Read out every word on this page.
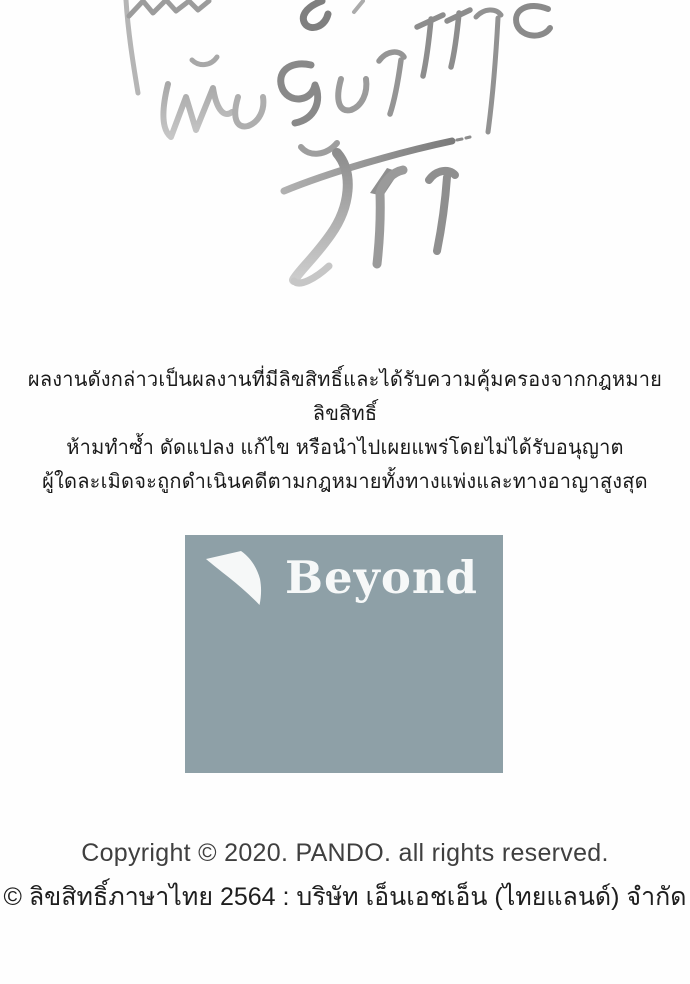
ผลงานดังกล่าวเป็นผลงานที่มีลิขสิทธิ์และได้รับความคุ้มครองจากกฎหมายลิขสิทธิ์
ห้ามทำซ้ำ ดัดแปลง แก้ไข หรือนำไปเผยแพร่โดยไม่ได้รับอนุญาต
ผู้ใดละเมิดจะถูกดำเนินคดีตามกฎหมายทั้งทางแพ่งและทางอาญาสูงสุด
Beyond
Copyright © 2020. PANDO. all rights reserved.
© ลิขสิทธิ์ภาษาไทย 2564 : บริษัท เอ็นเอชเอ็น (ไทยแลนด์) จำกัด
